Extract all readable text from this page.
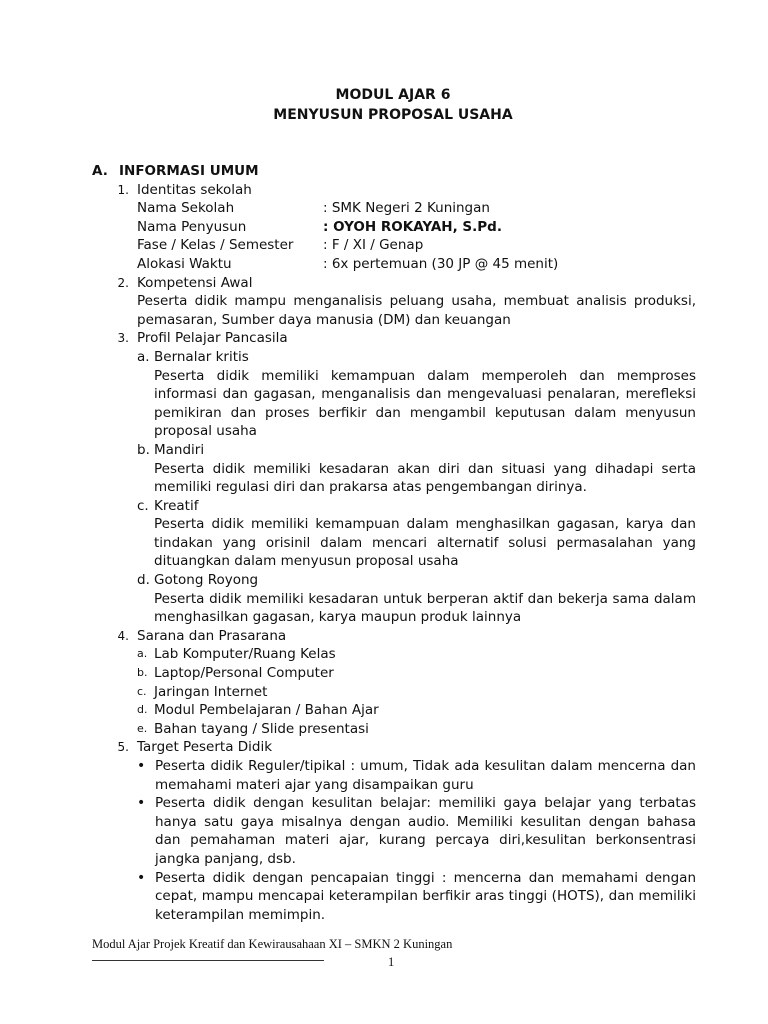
MODUL AJAR 6
MENYUSUN PROPOSAL USAHA
A. INFORMASI UMUM
1. Identitas sekolah
Nama Sekolah	: SMK Negeri 2 Kuningan
Nama Penyusun	: OYOH ROKAYAH, S.Pd.
Fase / Kelas / Semester	: F / XI / Genap
Alokasi Waktu	: 6x pertemuan (30 JP @ 45 menit)
2. Kompetensi Awal
Peserta didik mampu menganalisis peluang usaha, membuat analisis produksi, pemasaran, Sumber daya manusia (DM) dan keuangan
3. Profil Pelajar Pancasila
a. Bernalar kritis
Peserta didik memiliki kemampuan dalam memperoleh dan memproses informasi dan gagasan, menganalisis dan mengevaluasi penalaran, merefleksi pemikiran dan proses berfikir dan mengambil keputusan dalam menyusun proposal usaha
b. Mandiri
Peserta didik memiliki kesadaran akan diri dan situasi yang dihadapi serta memiliki regulasi diri dan prakarsa atas pengembangan dirinya.
c. Kreatif
Peserta didik memiliki kemampuan dalam menghasilkan gagasan, karya dan tindakan yang orisinil dalam mencari alternatif solusi permasalahan yang dituangkan dalam menyusun proposal usaha
d. Gotong Royong
Peserta didik memiliki kesadaran untuk berperan aktif dan bekerja sama dalam menghasilkan gagasan, karya maupun produk lainnya
4. Sarana dan Prasarana
a. Lab Komputer/Ruang Kelas
b. Laptop/Personal Computer
c. Jaringan Internet
d. Modul Pembelajaran / Bahan Ajar
e. Bahan tayang / Slide presentasi
5. Target Peserta Didik
• Peserta didik Reguler/tipikal : umum, Tidak ada kesulitan dalam mencerna dan memahami materi ajar yang disampaikan guru
• Peserta didik dengan kesulitan belajar: memiliki gaya belajar yang terbatas hanya satu gaya misalnya dengan audio. Memiliki kesulitan dengan bahasa dan pemahaman materi ajar, kurang percaya diri,kesulitan berkonsentrasi jangka panjang, dsb.
• Peserta didik dengan pencapaian tinggi : mencerna dan memahami dengan cepat, mampu mencapai keterampilan berfikir aras tinggi (HOTS), dan memiliki keterampilan memimpin.
Modul Ajar Projek Kreatif dan Kewirausahaan XI – SMKN 2 Kuningan
1
